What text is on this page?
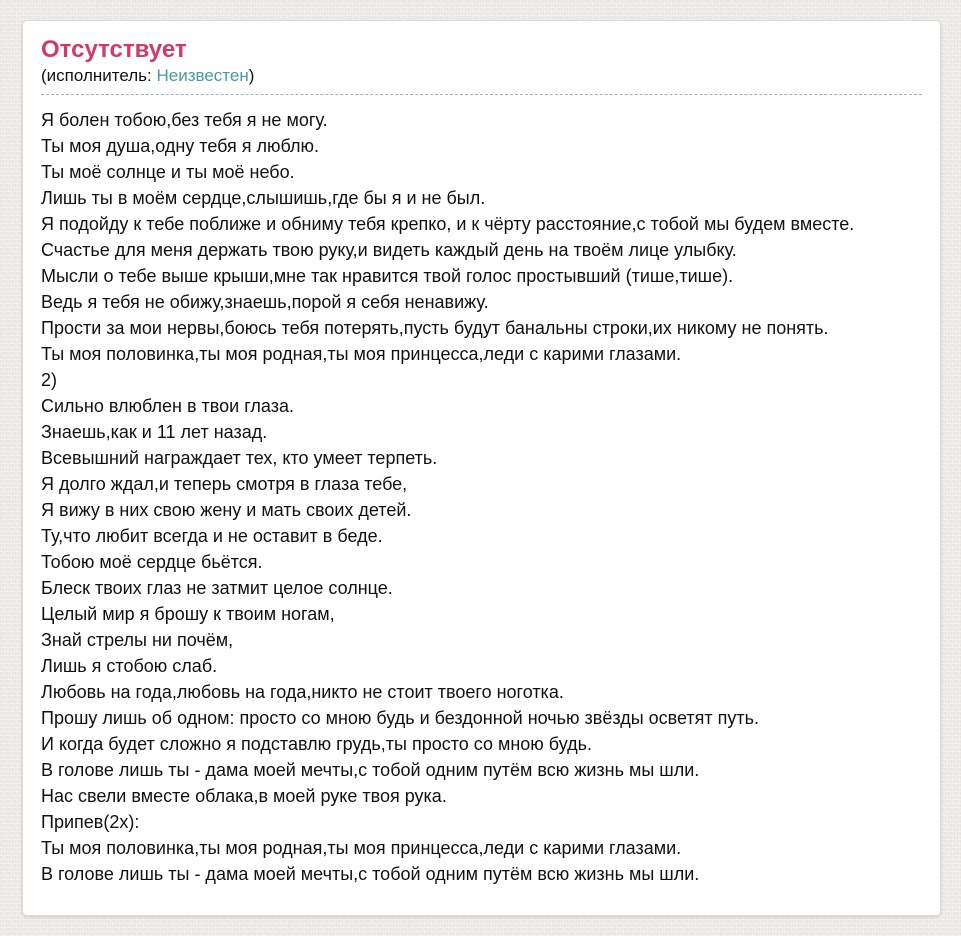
Отсутствует
(исполнитель: Неизвестен)
Я болен тобою,без тебя я не могу.
Ты моя душа,одну тебя я люблю.
Ты моё солнце и ты моё небо.
Лишь ты в моём сердце,слышишь,где бы я и не был.
Я подойду к тебе поближе и обниму тебя крепко, и к чёрту расстояние,с тобой мы будем вместе.
Счастье для меня держать твою руку,и видеть каждый день на твоём лице улыбку.
Мысли о тебе выше крыши,мне так нравится твой голос простывший (тише,тише).
Ведь я тебя не обижу,знаешь,порой я себя ненавижу.
Прости за мои нервы,боюсь тебя потерять,пусть будут банальны строки,их никому не понять.
Ты моя половинка,ты моя родная,ты моя принцесса,леди с карими глазами.
2)
Сильно влюблен в твои глаза.
Знаешь,как и 11 лет назад.
Всевышний награждает тех, кто умеет терпеть.
Я долго ждал,и теперь смотря в глаза тебе,
Я вижу в них свою жену и мать своих детей.
Ту,что любит всегда и не оставит в беде.
Тобою моё сердце бьётся.
Блеск твоих глаз не затмит целое солнце.
Целый мир я брошу к твоим ногам,
Знай стрелы ни почём,
Лишь я стобою слаб.
Любовь на года,любовь на года,никто не стоит твоего ноготка.
Прошу лишь об одном: просто со мною будь и бездонной ночью звёзды осветят путь.
И когда будет сложно я подставлю грудь,ты просто со мною будь.
В голове лишь ты - дама моей мечты,с тобой одним путём всю жизнь мы шли.
Нас свели вместе облака,в моей руке твоя рука.
Припев(2x):
Ты моя половинка,ты моя родная,ты моя принцесса,леди с карими глазами.
В голове лишь ты - дама моей мечты,с тобой одним путём всю жизнь мы шли.
